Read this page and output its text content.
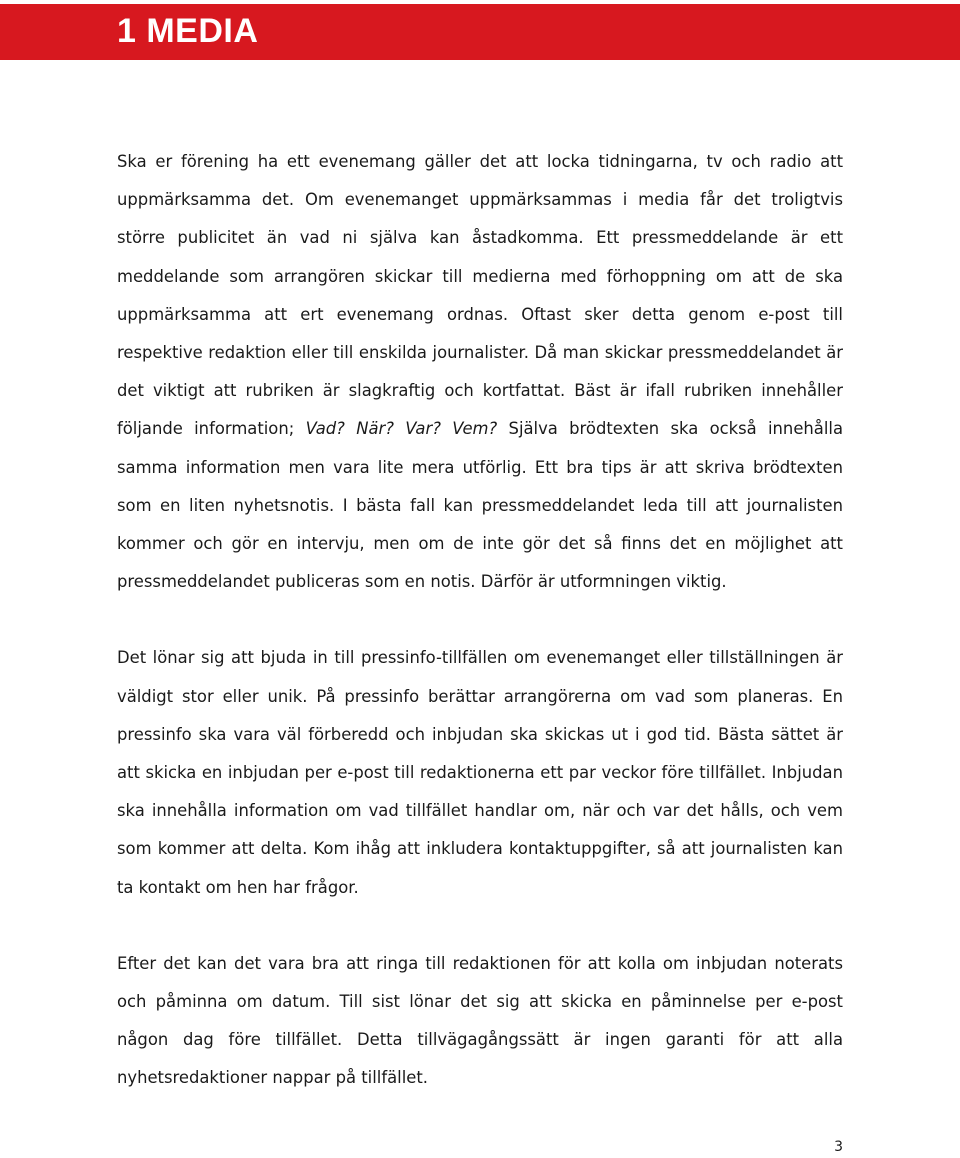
1 MEDIA

Ska er förening ha ett evenemang gäller det att locka tidningarna, tv och radio att uppmärksamma det. Om evenemanget uppmärksammas i media får det troligtvis större publicitet än vad ni själva kan åstadkomma. Ett pressmeddelande är ett meddelande som arrangören skickar till medierna med förhoppning om att de ska uppmärksamma att ert evenemang ordnas. Oftast sker detta genom e-post till respektive redaktion eller till enskilda journalister. Då man skickar pressmeddelandet är det viktigt att rubriken är slagkraftig och kortfattat. Bäst är ifall rubriken innehåller följande information; Vad? När? Var? Vem? Själva brödtexten ska också innehålla samma information men vara lite mera utförlig. Ett bra tips är att skriva brödtexten som en liten nyhetsnotis. I bästa fall kan pressmeddelandet leda till att journalisten kommer och gör en intervju, men om de inte gör det så finns det en möjlighet att pressmeddelandet publiceras som en notis. Därför är utformningen viktig.

Det lönar sig att bjuda in till pressinfo-tillfällen om evenemanget eller tillställningen är väldigt stor eller unik. På pressinfo berättar arrangörerna om vad som planeras. En pressinfo ska vara väl förberedd och inbjudan ska skickas ut i god tid. Bästa sättet är att skicka en inbjudan per e-post till redaktionerna ett par veckor före tillfället. Inbjudan ska innehålla information om vad tillfället handlar om, när och var det hålls, och vem som kommer att delta. Kom ihåg att inkludera kontaktuppgifter, så att journalisten kan ta kontakt om hen har frågor.

Efter det kan det vara bra att ringa till redaktionen för att kolla om inbjudan noterats och påminna om datum. Till sist lönar det sig att skicka en påminnelse per e-post någon dag före tillfället. Detta tillvägagångssätt är ingen garanti för att alla nyhetsredaktioner nappar på tillfället.

3
